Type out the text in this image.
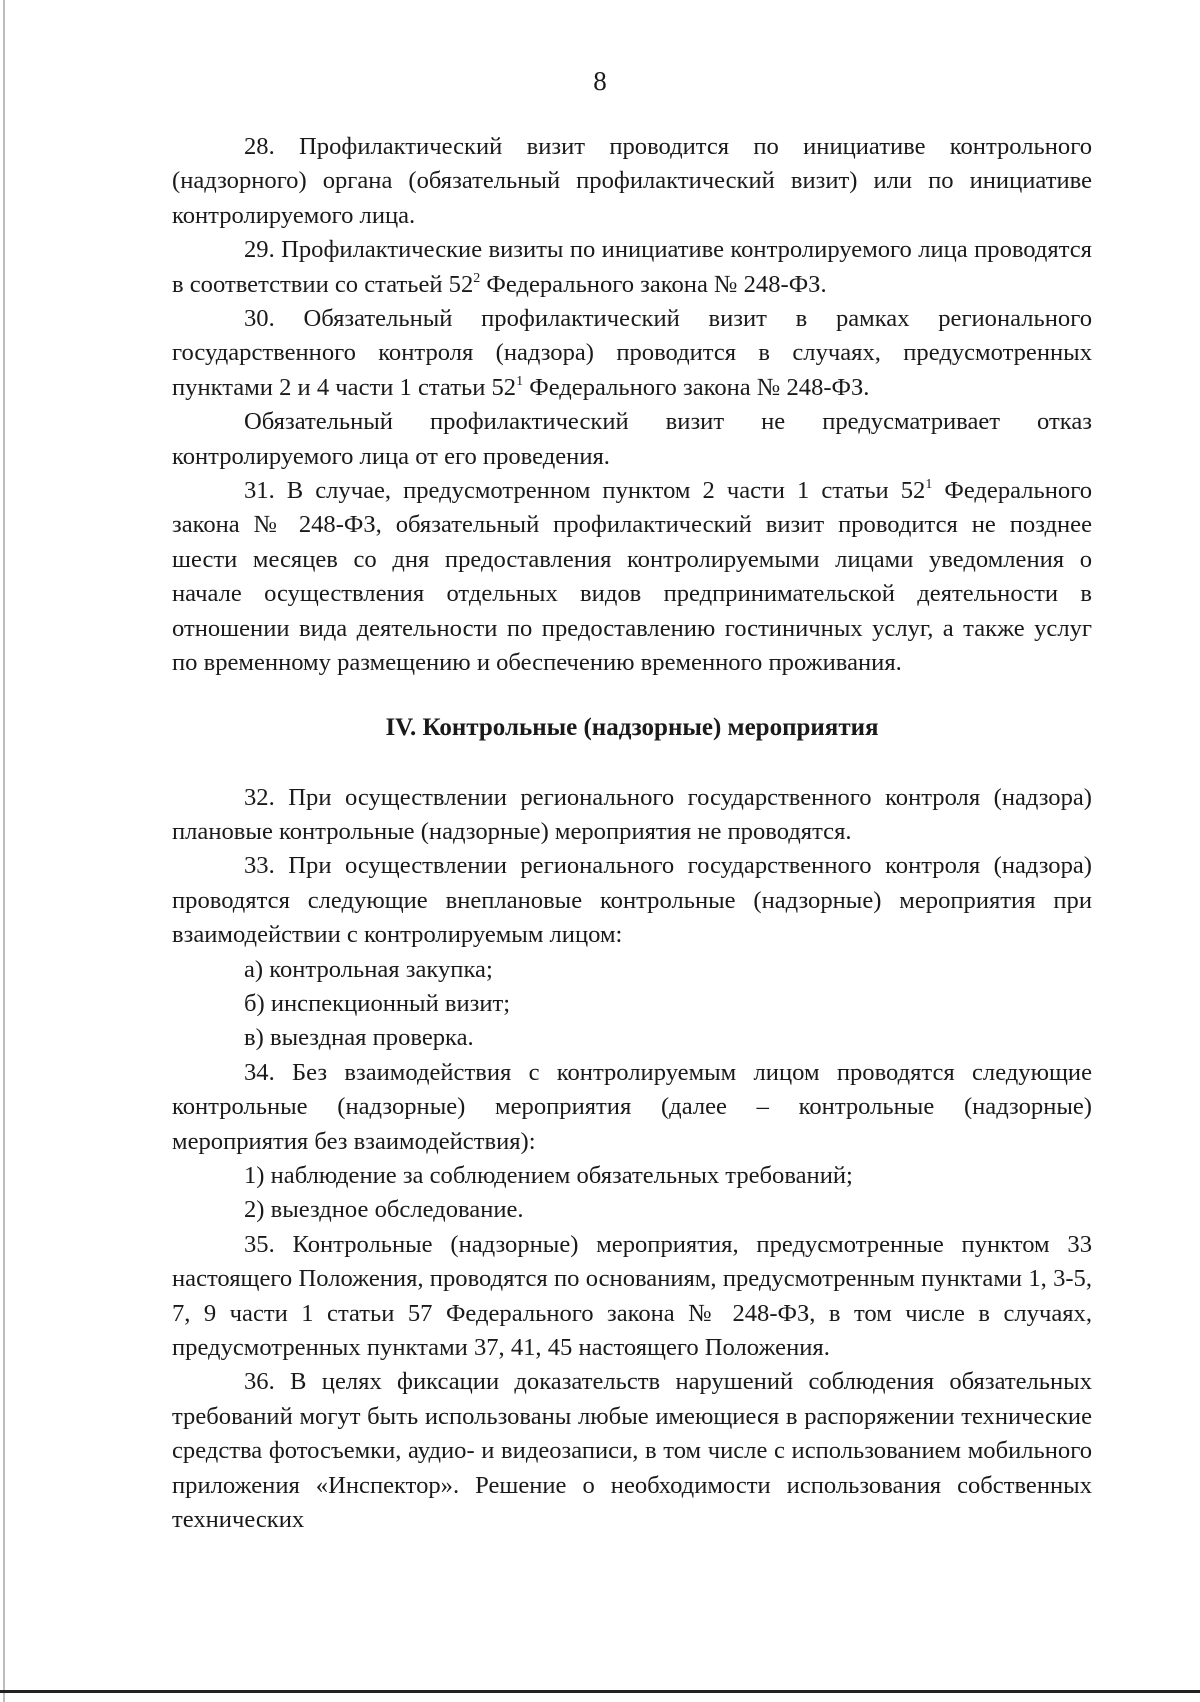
8

28. Профилактический визит проводится по инициативе контрольного (надзорного) органа (обязательный профилактический визит) или по инициативе контролируемого лица.

29. Профилактические визиты по инициативе контролируемого лица проводятся в соответствии со статьей $52^2$ Федерального закона № 248-ФЗ.

30. Обязательный профилактический визит в рамках регионального государственного контроля (надзора) проводится в случаях, предусмотренных пунктами 2 и 4 части 1 статьи $52^1$ Федерального закона № 248-ФЗ.

Обязательный профилактический визит не предусматривает отказ контролируемого лица от его проведения.

31. В случае, предусмотренном пунктом 2 части 1 статьи $52^1$ Федерального закона № 248-ФЗ, обязательный профилактический визит проводится не позднее шести месяцев со дня предоставления контролируемыми лицами уведомления о начале осуществления отдельных видов предпринимательской деятельности в отношении вида деятельности по предоставлению гостиничных услуг, а также услуг по временному размещению и обеспечению временного проживания.

IV. Контрольные (надзорные) мероприятия

32. При осуществлении регионального государственного контроля (надзора) плановые контрольные (надзорные) мероприятия не проводятся.

33. При осуществлении регионального государственного контроля (надзора) проводятся следующие внеплановые контрольные (надзорные) мероприятия при взаимодействии с контролируемым лицом:

а) контрольная закупка;

б) инспекционный визит;

в) выездная проверка.

34. Без взаимодействия с контролируемым лицом проводятся следующие контрольные (надзорные) мероприятия (далее – контрольные (надзорные) мероприятия без взаимодействия):

1) наблюдение за соблюдением обязательных требований;

2) выездное обследование.

35. Контрольные (надзорные) мероприятия, предусмотренные пунктом 33 настоящего Положения, проводятся по основаниям, предусмотренным пунктами 1, 3-5, 7, 9 части 1 статьи 57 Федерального закона № 248-ФЗ, в том числе в случаях, предусмотренных пунктами 37, 41, 45 настоящего Положения.

36. В целях фиксации доказательств нарушений соблюдения обязательных требований могут быть использованы любые имеющиеся в распоряжении технические средства фотосъемки, аудио- и видеозаписи, в том числе с использованием мобильного приложения «Инспектор». Решение о необходимости использования собственных технических
